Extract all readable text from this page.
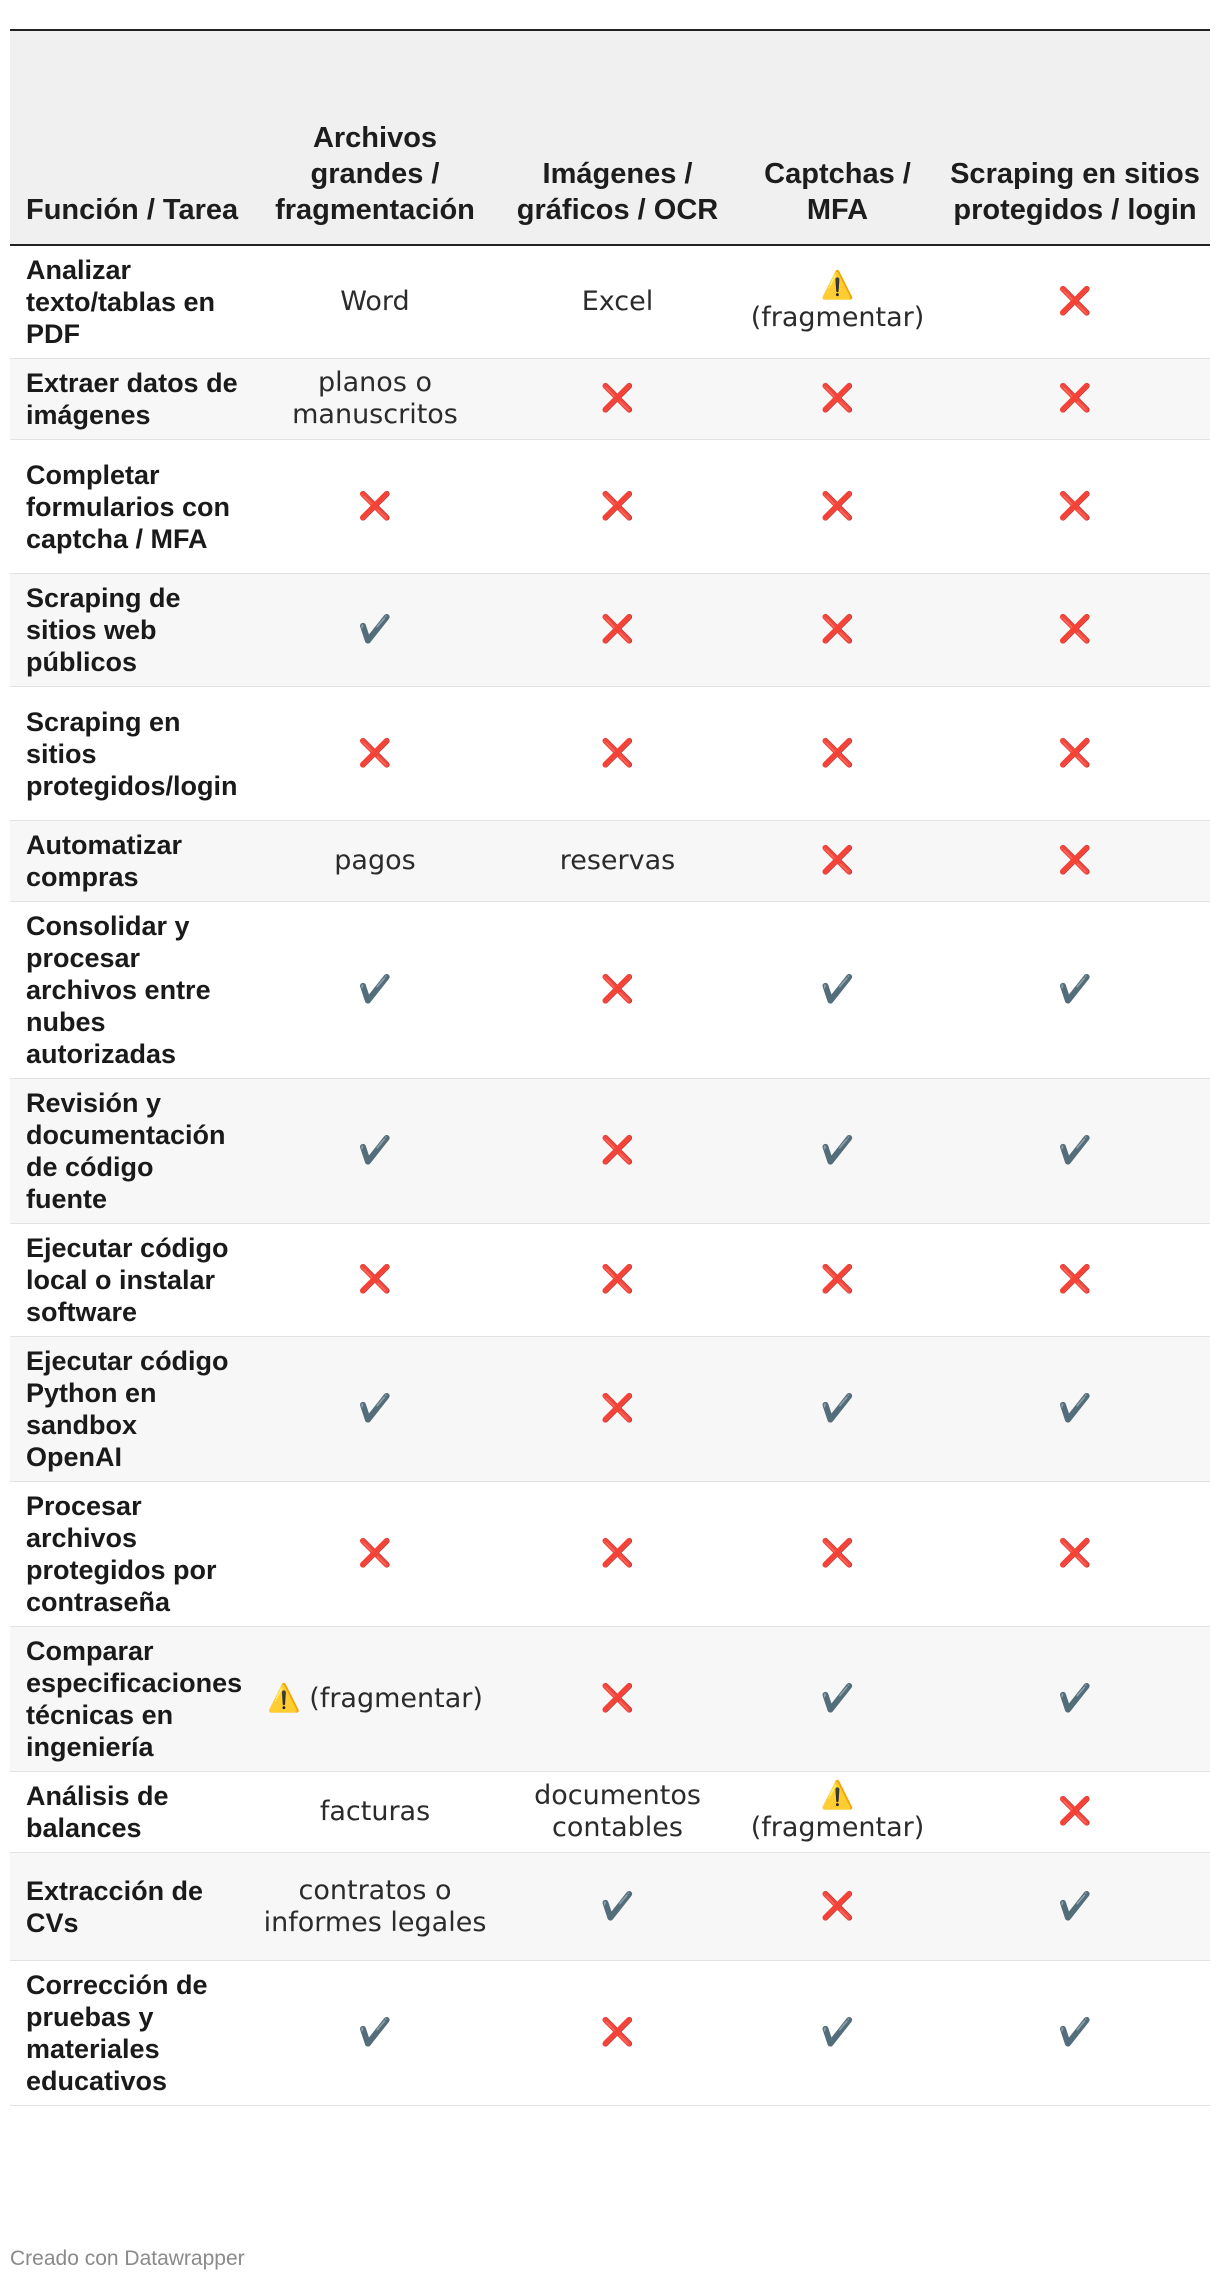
Función / Tarea	Archivos grandes / fragmentación	Imágenes / gráficos / OCR	Captchas / MFA	Scraping en sitios protegidos / login
Analizar texto/tablas en PDF	Word	Excel	⚠️ (fragmentar)	❌
Extraer datos de imágenes	planos o manuscritos	❌	❌	❌
Completar formularios con captcha / MFA	❌	❌	❌	❌
Scraping de sitios web públicos	✔️	❌	❌	❌
Scraping en sitios protegidos/login	❌	❌	❌	❌
Automatizar compras	pagos	reservas	❌	❌
Consolidar y procesar archivos entre nubes autorizadas	✔️	❌	✔️	✔️
Revisión y documentación de código fuente	✔️	❌	✔️	✔️
Ejecutar código local o instalar software	❌	❌	❌	❌
Ejecutar código Python en sandbox OpenAI	✔️	❌	✔️	✔️
Procesar archivos protegidos por contraseña	❌	❌	❌	❌
Comparar especificaciones técnicas en ingeniería	⚠️ (fragmentar)	❌	✔️	✔️
Análisis de balances	facturas	documentos contables	⚠️ (fragmentar)	❌
Extracción de CVs	contratos o informes legales	✔️	❌	✔️
Corrección de pruebas y materiales educativos	✔️	❌	✔️	✔️
Creado con Datawrapper
